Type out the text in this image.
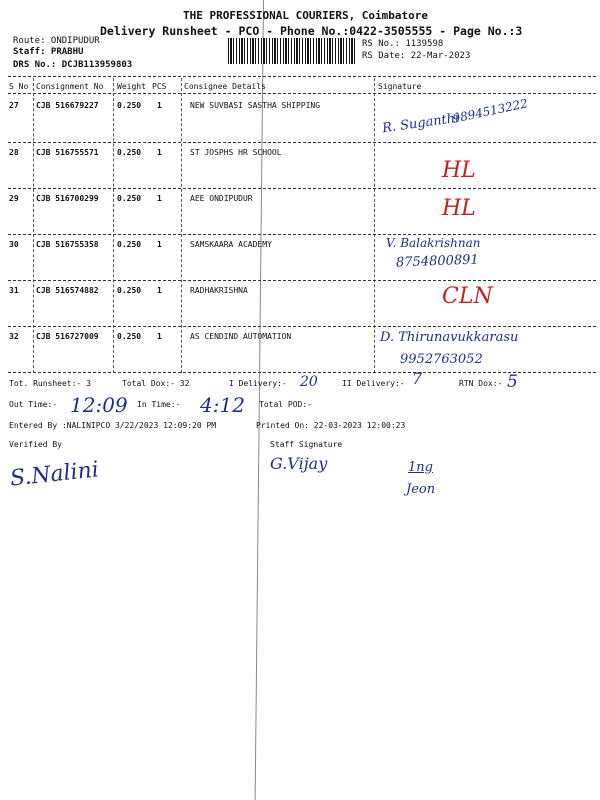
THE PROFESSIONAL COURIERS, Coimbatore
Delivery Runsheet - PCO - Phone No.:0422-3505555 - Page No.:3
Route: ONDIPUDUR
Staff: PRABHU
DRS No.: DCJB113959803
RS No.: 1139598
RS Date: 22-Mar-2023
S No Consignment No Weight PCS Consignee Details	Signature
27 CJB 516679227 0.250 1	NEW SUVBASI SASTHA SHIPPING
R. Suganthi
9894513222
28 CJB 516755571 0.250 1	ST JOSPHS HR SCHOOL
HL
29 CJB 516700299 0.250 1	AEE ONDIPUDUR	HL
30 CJB 516755358 0.250 1	SAMSKAARA ACADEMY	V. Balakrishnan
8754800891
31 CJB 516574882 0.250 1	RADHAKRISHNA	CLN
32 CJB 516727009 0.250 1	AS CENDIND AUTOMATION	D. Thirunavukkarasu
9952763052
Tot. Runsheet:- 3	Total Dox:- 32	I Delivery:- 20	II Delivery:- 7	RTN Dox:- 5
Out Time:- 12:09 In Time:- 4:12 Total POD:-
Entered By :NALINIPCO 3/22/2023 12:09:20 PM	Printed On: 22-03-2023 12:00:23
Verified By	Staff Signature
S.Nalini	G.Vijay	1ng
Jeon
